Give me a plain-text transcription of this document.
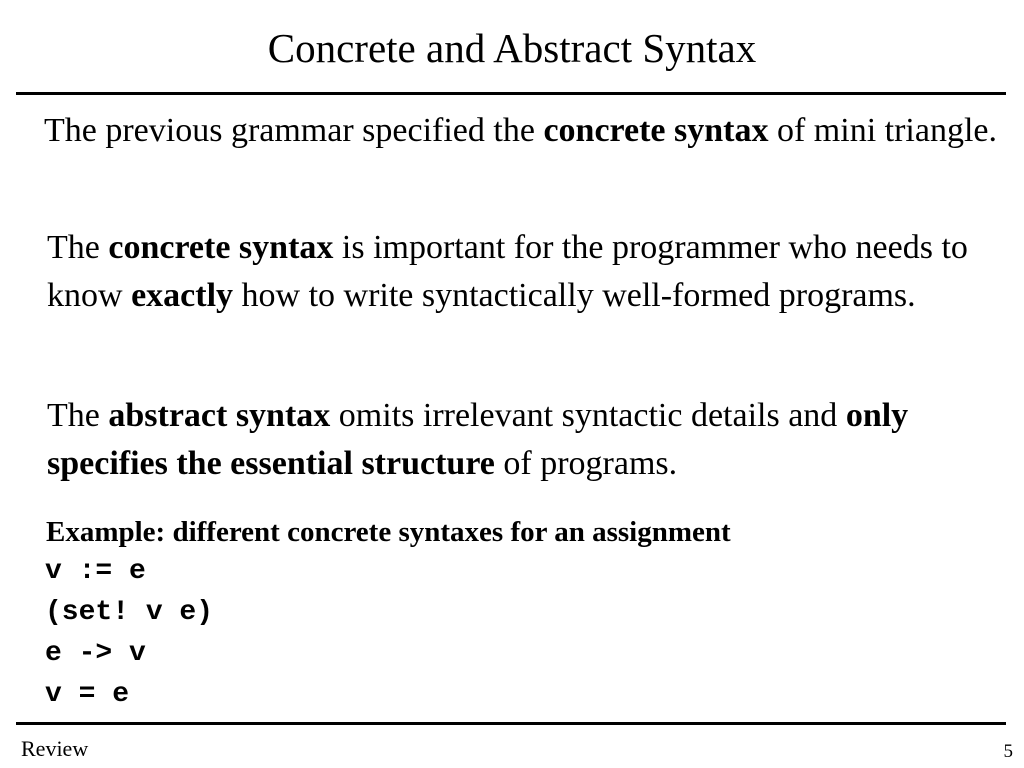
Concrete and Abstract Syntax
The previous grammar specified the concrete syntax of mini triangle.
The concrete syntax is important for the programmer who needs to know exactly how to write syntactically well-formed programs.
The abstract syntax omits irrelevant syntactic details and only specifies the essential structure of programs.
Example: different concrete syntaxes for an assignment
v := e
(set! v e)
e -> v
v = e
Review	5
